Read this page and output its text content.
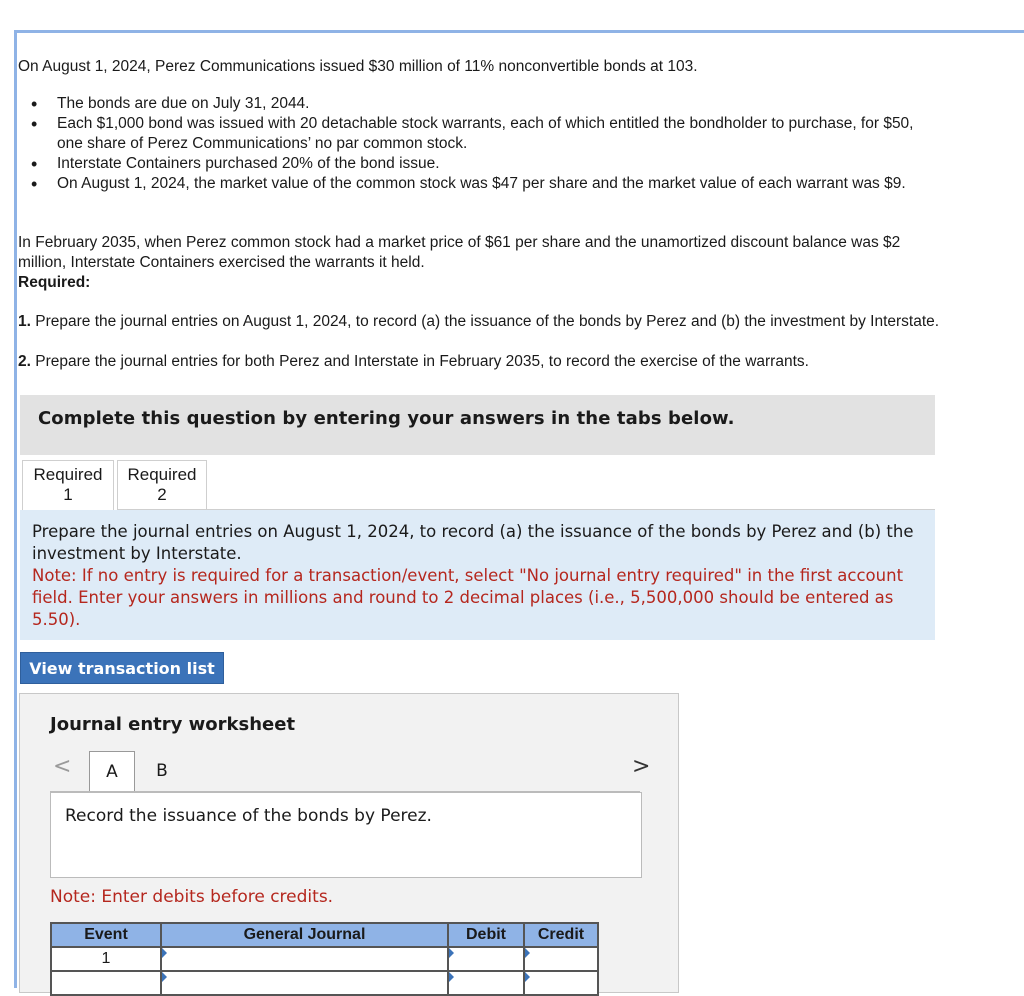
On August 1, 2024, Perez Communications issued $30 million of 11% nonconvertible bonds at 103.
• The bonds are due on July 31, 2044.
• Each $1,000 bond was issued with 20 detachable stock warrants, each of which entitled the bondholder to purchase, for $50, one share of Perez Communications’ no par common stock.
• Interstate Containers purchased 20% of the bond issue.
• On August 1, 2024, the market value of the common stock was $47 per share and the market value of each warrant was $9.
In February 2035, when Perez common stock had a market price of $61 per share and the unamortized discount balance was $2 million, Interstate Containers exercised the warrants it held.
Required:
1. Prepare the journal entries on August 1, 2024, to record (a) the issuance of the bonds by Perez and (b) the investment by Interstate.
2. Prepare the journal entries for both Perez and Interstate in February 2035, to record the exercise of the warrants.
Complete this question by entering your answers in the tabs below.
Required
1
Required
2
Prepare the journal entries on August 1, 2024, to record (a) the issuance of the bonds by Perez and (b) the investment by Interstate.
Note: If no entry is required for a transaction/event, select "No journal entry required" in the first account field. Enter your answers in millions and round to 2 decimal places (i.e., 5,500,000 should be entered as 5.50).
View transaction list
Journal entry worksheet
<	A	B	>
Record the issuance of the bonds by Perez.
Note: Enter debits before credits.
Event	General Journal	Debit	Credit
1	
